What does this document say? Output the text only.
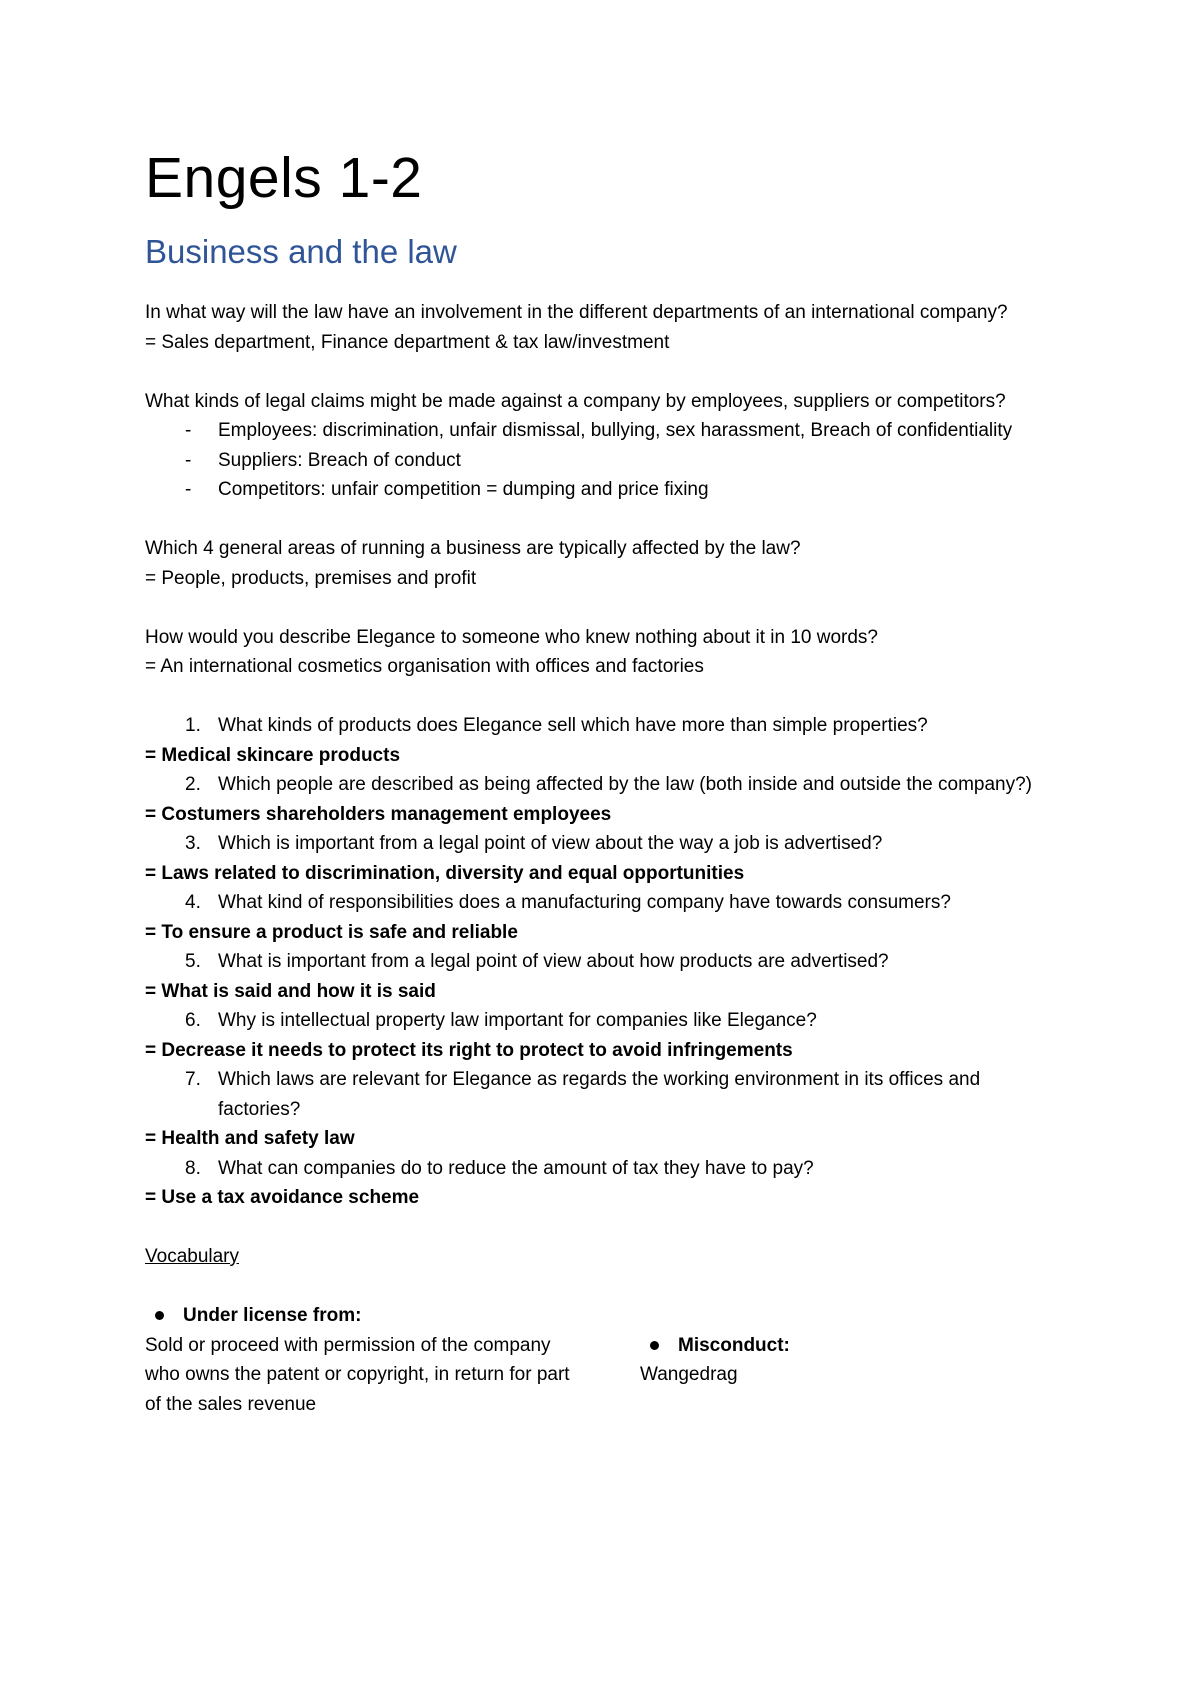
Engels 1-2
Business and the law

In what way will the law have an involvement in the different departments of an international company?

= Sales department, Finance department & tax law/investment

What kinds of legal claims might be made against a company by employees, suppliers or competitors?

- Employees: discrimination, unfair dismissal, bullying, sex harassment, Breach of confidentiality
- Suppliers: Breach of conduct
- Competitors: unfair competition = dumping and price fixing

Which 4 general areas of running a business are typically affected by the law?

= People, products, premises and profit

How would you describe Elegance to someone who knew nothing about it in 10 words?

= An international cosmetics organisation with offices and factories

1. What kinds of products does Elegance sell which have more than simple properties?

= Medical skincare products

2. Which people are described as being affected by the law (both inside and outside the company?)

= Costumers shareholders management employees

3. Which is important from a legal point of view about the way a job is advertised?

= Laws related to discrimination, diversity and equal opportunities

4. What kind of responsibilities does a manufacturing company have towards consumers?

= To ensure a product is safe and reliable

5. What is important from a legal point of view about how products are advertised?

= What is said and how it is said

6. Why is intellectual property law important for companies like Elegance?

= Decrease it needs to protect its right to protect to avoid infringements

7. Which laws are relevant for Elegance as regards the working environment in its offices and factories?

= Health and safety law

8. What can companies do to reduce the amount of tax they have to pay?

= Use a tax avoidance scheme

Vocabulary

Under license from:

Sold or proceed with permission of the company who owns the patent or copyright, in return for part of the sales revenue

Misconduct:

Wangedrag
